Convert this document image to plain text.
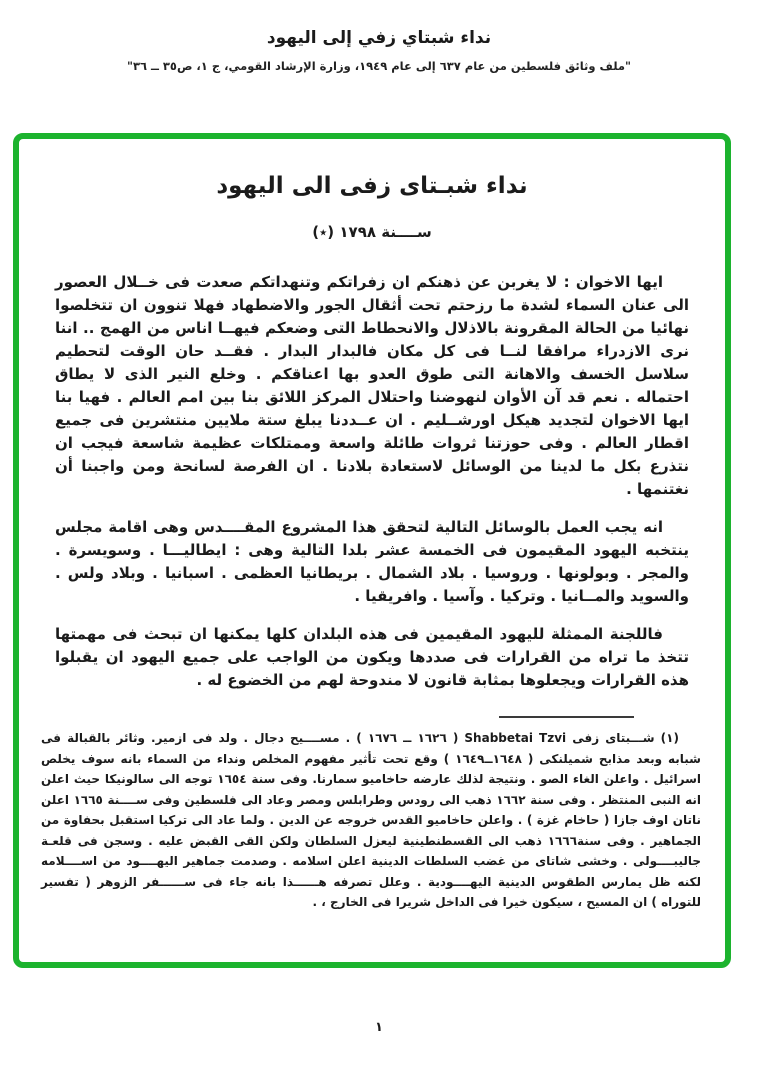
نداء شبتاي زفي إلى اليهود
"ملف وثائق فلسطين من عام ٦٣٧ إلى عام ١٩٤٩، وزارة الإرشاد القومي، ج ١، ص٣٥ ــ ٣٦"
نداء شبـتاى زفى الى اليهود
ســــنة ١٧٩٨ (٭)

ايها الاخوان : لا يغربن عن ذهنكم ان زفراتكم وتنهداتكم صعدت فى خــلال العصور الى عنان السماء لشدة ما رزحتم تحت أثقال الجور والاضطهاد فهلا تنوون ان تتخلصوا نهائيا من الحالة المقرونة بالاذلال والانحطاط التى وضعكم فيهــا اناس من الهمج .. اننا نرى الازدراء مرافقا لنــا فى كل مكان فالبدار البدار . فقــد حان الوقت لتحطيم سلاسل الخسف والاهانة التى طوق العدو بها اعناقكم . وخلع النير الذى لا يطاق احتماله . نعم قد آن الأوان لنهوضنا واحتلال المركز اللائق بنا بين امم العالم . فهيا بنا ايها الاخوان لتجديد هيكل اورشــليم . ان عــددنا يبلغ ستة ملايين منتشرين فى جميع اقطار العالم . وفى حوزتنا ثروات طائلة واسعة وممتلكات عظيمة شاسعة فيجب ان نتذرع بكل ما لدينا من الوسائل لاستعادة بلادنا . ان الفرصة لسانحة ومن واجبنا أن نغتنمها .

انه يجب العمل بالوسائل التالية لتحقق هذا المشروع المقــــدس وهى اقامة مجلس ينتخبه اليهود المقيمون فى الخمسة عشر بلدا التالية وهى : ايطاليـــا . وسويسرة . والمجر . وبولونها . وروسيا . بلاد الشمال . بريطانيا العظمى . اسبانيا . وبلاد ولس . والسويد والمــانيا . وتركيا . وآسيا . وافريقيا .

فاللجنة الممثلة لليهود المقيمين فى هذه البلدان كلها يمكنها ان تبحث فى مهمتها تتخذ ما تراه من القرارات فى صددها ويكون من الواجب على جميع اليهود ان يقبلوا هذه القرارات ويجعلوها بمثابة قانون لا مندوحة لهم من الخضوع له .

(١) شـــبتاى زفى Shabbetai Tzvi ( ١٦٢٦ ــ ١٦٧٦ ) . مســــيح دجال . ولد فى ازمير. وثائر بالقبالة فى شبابه وبعد مذابح شميلنكى ( ١٦٤٨ــ١٦٤٩ ) وقع تحت تأثير مفهوم المخلص ونداء من السماء بانه سوف يخلص اسرائيل . واعلن الغاء الصو . ونتيجة لذلك عارضه حاخاميو سمارنا. وفى سنة ١٦٥٤ توجه الى سالونيكا حيث اعلن انه النبى المنتظر . وفى سنة ١٦٦٢ ذهب الى رودس وطرابلس ومصر وعاد الى فلسطين وفى ســــنة ١٦٦٥ اعلن ناتان اوف جازا ( حاخام غزة ) . واعلن حاخاميو القدس خروجه عن الدين . ولما عاد الى تركيا استقبل بحفاوة من الجماهير . وفى سنة١٦٦٦ ذهب الى القسطنطينية ليعزل السلطان ولكن القى القبض عليه . وسجن فى قلعـة جاليبــــولى . وخشى شاتاى من غضب السلطات الدينية اعلن اسلامه . وصدمت جماهير اليهــــود من اســــلامه لكنه ظل يمارس الطقوس الدينية اليهــــودية . وعلل تصرفه هــــــذا بانه جاء فى ســــــفر الزوهر ( تفسير للتوراه ) ان المسيح ، سيكون خيرا فى الداخل شريرا فى الخارج ، .

١
